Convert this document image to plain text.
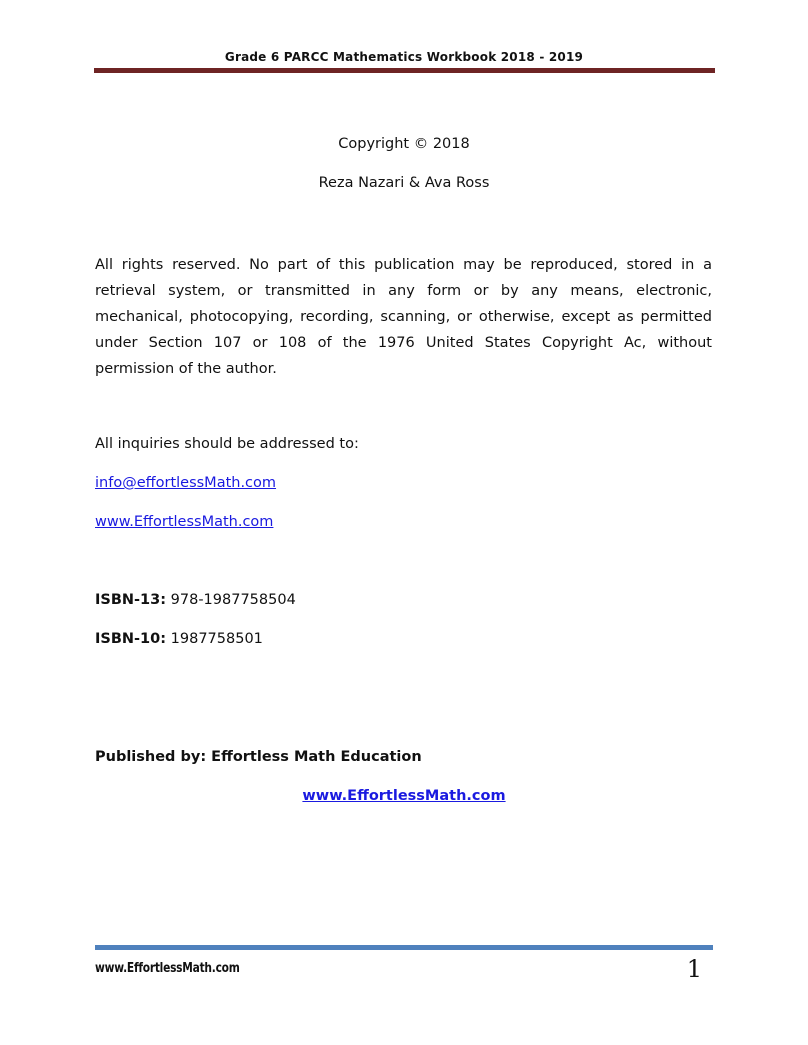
Grade 6 PARCC Mathematics Workbook 2018 - 2019
Copyright © 2018
Reza Nazari & Ava Ross

All rights reserved. No part of this publication may be reproduced, stored in a retrieval system, or transmitted in any form or by any means, electronic, mechanical, photocopying, recording, scanning, or otherwise, except as permitted under Section 107 or 108 of the 1976 United States Copyright Ac, without permission of the author.

All inquiries should be addressed to:
info@effortlessMath.com
www.EffortlessMath.com
ISBN-13: 978-1987758504
ISBN-10: 1987758501
Published by: Effortless Math Education
www.EffortlessMath.com
www.EffortlessMath.com	1
